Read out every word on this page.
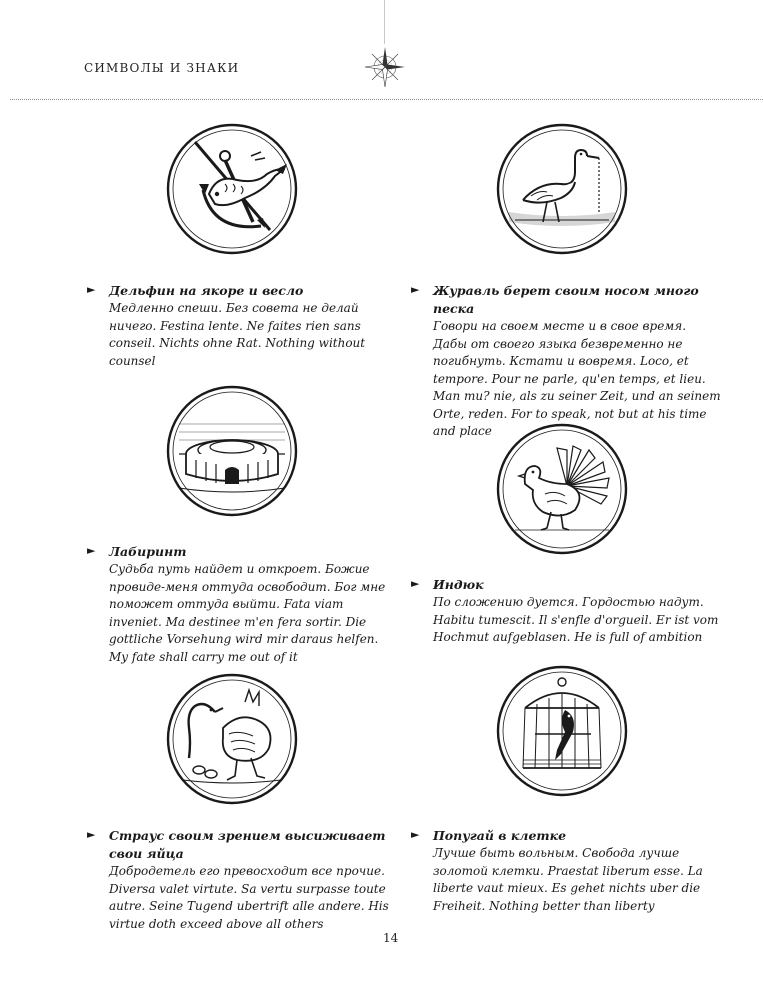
СИМВОЛЫ И ЗНАКИ
► Дельфин на якоре и весло
Медленно спеши. Без совета не делай ничего. Festina lente. Ne faites rien sans conseil. Nichts ohne Rat. Nothing without counsel
► Журавль берет своим носом много песка
Говори на своем месте и в свое время. Дабы от своего языка безвременно не погибнуть. Кстати и вовремя. Loco, et tempore. Pour ne parle, qu'en temps, et lieu. Man mu? nie, als zu seiner Zeit, und an seinem Orte, reden. For to speak, not but at his time and place
► Лабиринт
Судьба путь найдет и откроет. Божие провиде-меня оттуда освободит. Бог мне поможет оттуда выйти. Fata viam inveniet. Ma destinee m'en fera sortir. Die gottliche Vorsehung wird mir daraus helfen. My fate shall carry me out of it
► Индюк
По сложению дуется. Гордостью надут. Habitu tumescit. Il s'enfle d'orgueil. Er ist vom Hochmut aufgeblasen. He is full of ambition
► Страус своим зрением высиживает свои яйца
Добродетель его превосходит все прочие. Diversa valet virtute. Sa vertu surpasse toute autre. Seine Tugend ubertrift alle andere. His virtue doth exceed above all others
► Попугай в клетке
Лучше быть вольным. Свобода лучше золотой клетки. Praestat liberum esse. La liberte vaut mieux. Es gehet nichts uber die Freiheit. Nothing better than liberty
14
